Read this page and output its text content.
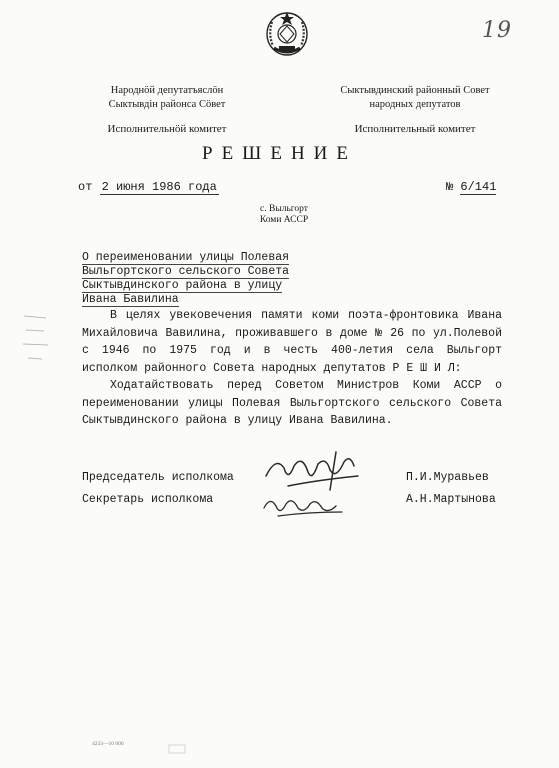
19
Народнӧй депутатъяслӧн
Сыктывдін районса Сӧвет
Исполнительнӧй комитет
Сыктывдинский районный Совет
народных депутатов
Исполнительный комитет
РЕШЕНИЕ
от 2 июня 1986 года	№ 6/141
с. Выльгорт
Коми АССР
О переименовании улицы Полевая
Выльгортского сельского Совета
Сыктывдинского района в улицу
Ивана Бавилина

В целях увековечения памяти коми поэта-фронтовика Ивана Михайловича Вавилина, проживавшего в доме № 26 по ул.Полевой с 1946 по 1975 год и в честь 400-летия села Выльгорт исполком районного Совета народных депутатов Р Е Ш И Л:

Ходатайствовать перед Советом Министров Коми АССР о переименовании улицы Полевая Выльгортского сельского Совета Сыктывдинского района в улицу Ивана Вавилина.

Председатель исполкома	П.И.Муравьев
Секретарь исполкома	А.Н.Мартынова
4233—10 000
